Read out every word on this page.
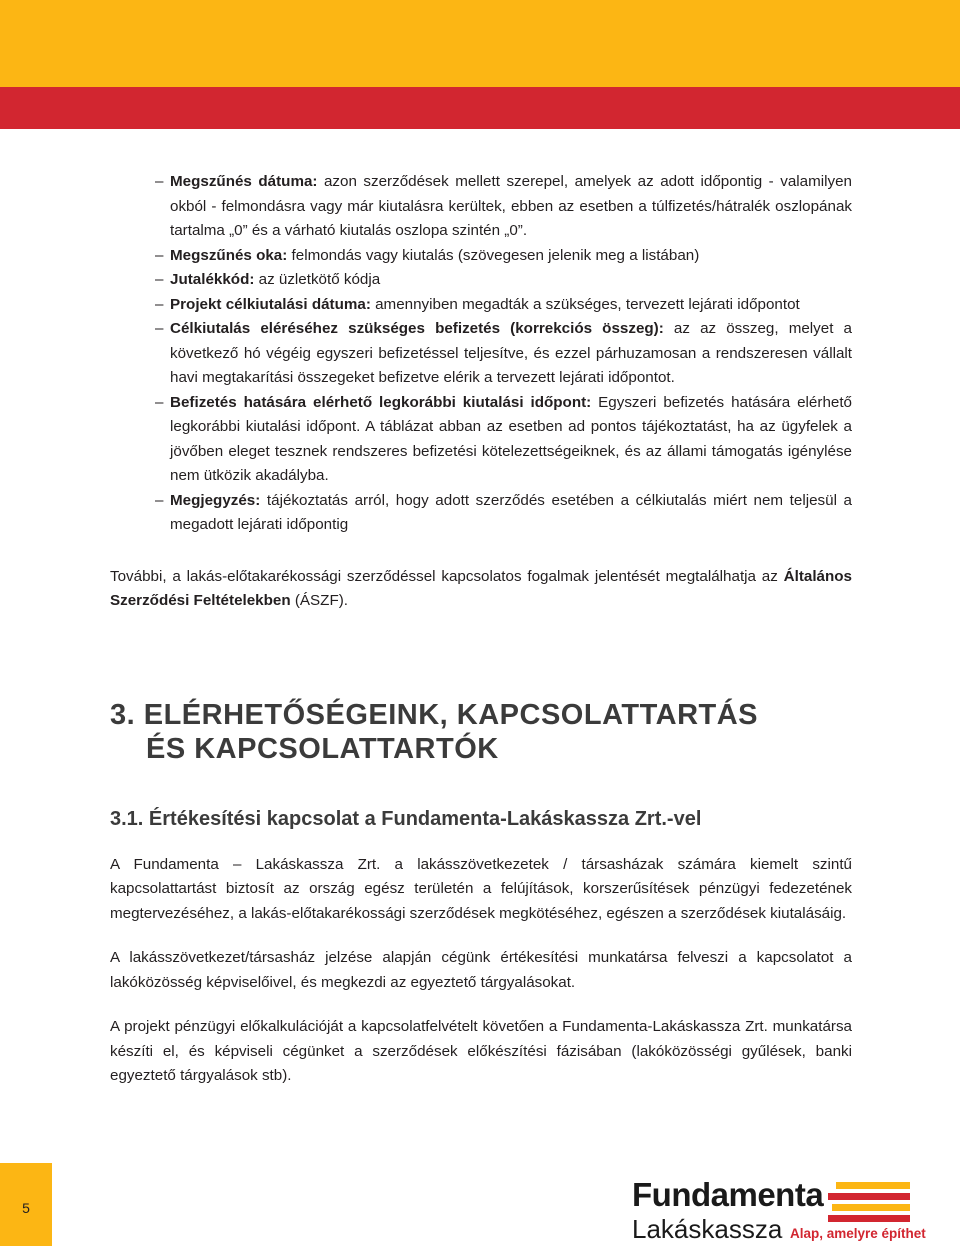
– Megszűnés dátuma: azon szerződések mellett szerepel, amelyek az adott időpontig - valamilyen okból - felmondásra vagy már kiutalásra kerültek, ebben az esetben a túlfizetés/hátralék oszlopának tartalma „0” és a várható kiutalás oszlopa szintén „0”.
– Megszűnés oka: felmondás vagy kiutalás (szövegesen jelenik meg a listában)
– Jutalékkód: az üzletkötő kódja
– Projekt célkiutalási dátuma: amennyiben megadták a szükséges, tervezett lejárati időpontot
– Célkiutalás eléréséhez szükséges befizetés (korrekciós összeg): az az összeg, melyet a következő hó végéig egyszeri befizetéssel teljesítve, és ezzel párhuzamosan a rendszeresen vállalt havi megtakarítási összegeket befizetve elérik a tervezett lejárati időpontot.
– Befizetés hatására elérhető legkorábbi kiutalási időpont: Egyszeri befizetés hatására elérhető legkorábbi kiutalási időpont. A táblázat abban az esetben ad pontos tájékoztatást, ha az ügyfelek a jövőben eleget tesznek rendszeres befizetési kötelezettségeiknek, és az állami támogatás igénylése nem ütközik akadályba.
– Megjegyzés: tájékoztatás arról, hogy adott szerződés esetében a célkiutalás miért nem teljesül a megadott lejárati időpontig

További, a lakás-előtakarékossági szerződéssel kapcsolatos fogalmak jelentését megtalálhatja az Általános Szerződési Feltételekben (ÁSZF).

3. ELÉRHETŐSÉGEINK, KAPCSOLATTARTÁS
ÉS KAPCSOLATTARTÓK
3.1. Értékesítési kapcsolat a Fundamenta-Lakáskassza Zrt.-vel

A Fundamenta – Lakáskassza Zrt. a lakásszövetkezetek / társasházak számára kiemelt szintű kapcsolattartást biztosít az ország egész területén a felújítások, korszerűsítések pénzügyi fedezetének megtervezéséhez, a lakás-előtakarékossági szerződések megkötéséhez, egészen a szerződések kiutalásáig.

A lakásszövetkezet/társasház jelzése alapján cégünk értékesítési munkatársa felveszi a kapcsolatot a lakóközösség képviselőivel, és megkezdi az egyeztető tárgyalásokat.

A projekt pénzügyi előkalkulációját a kapcsolatfelvételt követően a Fundamenta-Lakáskassza Zrt. munkatársa készíti el, és képviseli cégünket a szerződések előkészítési fázisában (lakóközösségi gyűlések, banki egyeztető tárgyalások stb).

5	Fundamenta
Lakáskassza Alap, amelyre építhet
